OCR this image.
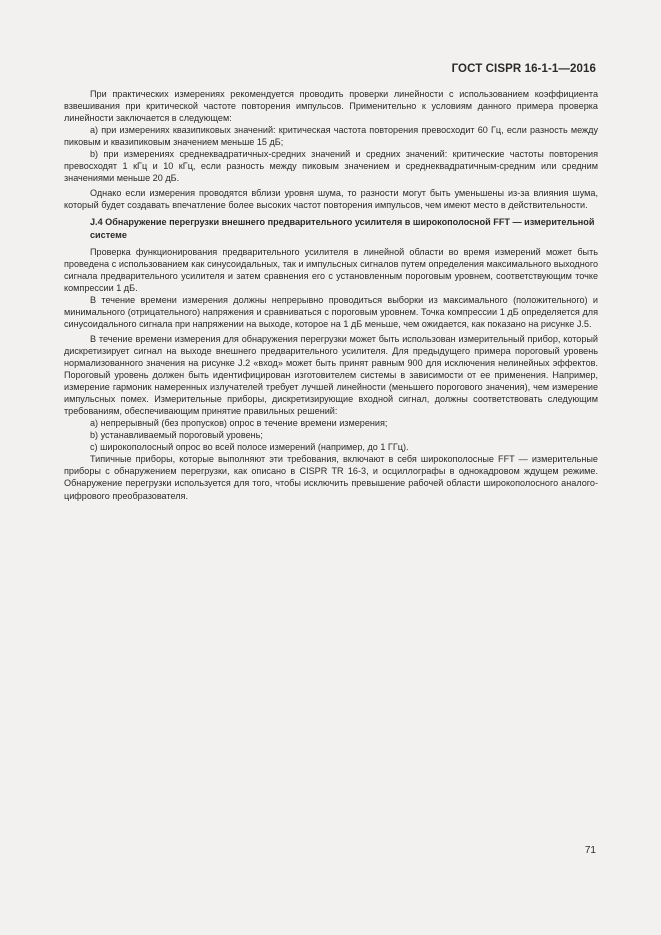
ГОСТ CISPR 16-1-1—2016

При практических измерениях рекомендуется проводить проверки линейности с использованием коэффициента взвешивания при критической частоте повторения импульсов. Применительно к условиям данного примера проверка линейности заключается в следующем:

a) при измерениях квазипиковых значений: критическая частота повторения превосходит 60 Гц, если разность между пиковым и квазипиковым значением меньше 15 дБ;

b) при измерениях среднеквадратичных-средних значений и средних значений: критические частоты повторения превосходят 1 кГц и 10 кГц, если разность между пиковым значением и среднеквадратичным-средним или средним значениями меньше 20 дБ.

Однако если измерения проводятся вблизи уровня шума, то разности могут быть уменьшены из-за влияния шума, который будет создавать впечатление более высоких частот повторения импульсов, чем имеют место в действительности.

J.4 Обнаружение перегрузки внешнего предварительного усилителя в широкополосной FFT — измерительной системе

Проверка функционирования предварительного усилителя в линейной области во время измерений может быть проведена с использованием как синусоидальных, так и импульсных сигналов путем определения максимального выходного сигнала предварительного усилителя и затем сравнения его с установленным пороговым уровнем, соответствующим точке компрессии 1 дБ.

В течение времени измерения должны непрерывно проводиться выборки из максимального (положительного) и минимального (отрицательного) напряжения и сравниваться с пороговым уровнем. Точка компрессии 1 дБ определяется для синусоидального сигнала при напряжении на выходе, которое на 1 дБ меньше, чем ожидается, как показано на рисунке J.5.

В течение времени измерения для обнаружения перегрузки может быть использован измерительный прибор, который дискретизирует сигнал на выходе внешнего предварительного усилителя. Для предыдущего примера пороговый уровень нормализованного значения на рисунке J.2 «вход» может быть принят равным 900 для исключения нелинейных эффектов. Пороговый уровень должен быть идентифицирован изготовителем системы в зависимости от ее применения. Например, измерение гармоник намеренных излучателей требует лучшей линейности (меньшего порогового значения), чем измерение импульсных помех. Измерительные приборы, дискретизирующие входной сигнал, должны соответствовать следующим требованиям, обеспечивающим принятие правильных решений:

a) непрерывный (без пропусков) опрос в течение времени измерения;

b) устанавливаемый пороговый уровень;

c) широкополосный опрос во всей полосе измерений (например, до 1 ГГц).

Типичные приборы, которые выполняют эти требования, включают в себя широкополосные FFT — измерительные приборы с обнаружением перегрузки, как описано в CISPR TR 16-3, и осциллографы в однокадровом ждущем режиме. Обнаружение перегрузки используется для того, чтобы исключить превышение рабочей области широкополосного аналого-цифрового преобразователя.

71
